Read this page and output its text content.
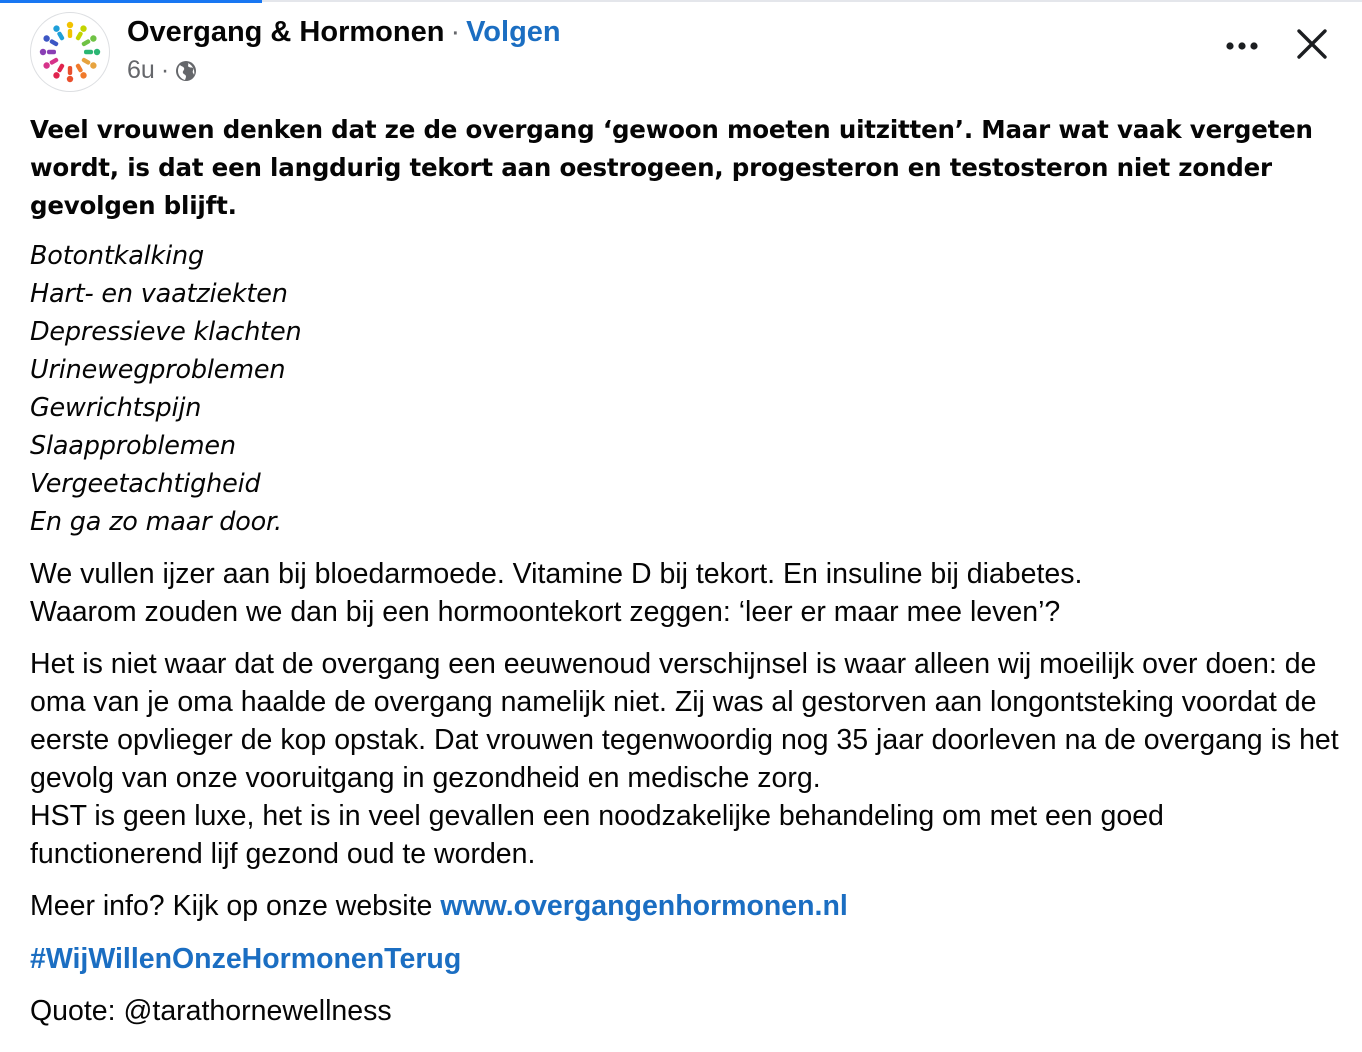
Overgang & Hormonen · Volgen
6u ·

Veel vrouwen denken dat ze de overgang ‘gewoon moeten uitzitten’. Maar wat vaak vergeten wordt, is dat een langdurig tekort aan oestrogeen, progesteron en testosteron niet zonder gevolgen blijft.

Botontkalking
Hart- en vaatziekten
Depressieve klachten
Urinewegproblemen
Gewrichtspijn
Slaapproblemen
Vergeetachtigheid
En ga zo maar door.

We vullen ijzer aan bij bloedarmoede. Vitamine D bij tekort. En insuline bij diabetes.
Waarom zouden we dan bij een hormoontekort zeggen: ‘leer er maar mee leven’?

Het is niet waar dat de overgang een eeuwenoud verschijnsel is waar alleen wij moeilijk over doen: de oma van je oma haalde de overgang namelijk niet. Zij was al gestorven aan longontsteking voordat de eerste opvlieger de kop opstak. Dat vrouwen tegenwoordig nog 35 jaar doorleven na de overgang is het gevolg van onze vooruitgang in gezondheid en medische zorg.
HST is geen luxe, het is in veel gevallen een noodzakelijke behandeling om met een goed functionerend lijf gezond oud te worden.

Meer info? Kijk op onze website www.overgangenhormonen.nl

#WijWillenOnzeHormonenTerug

Quote: @tarathornewellness
